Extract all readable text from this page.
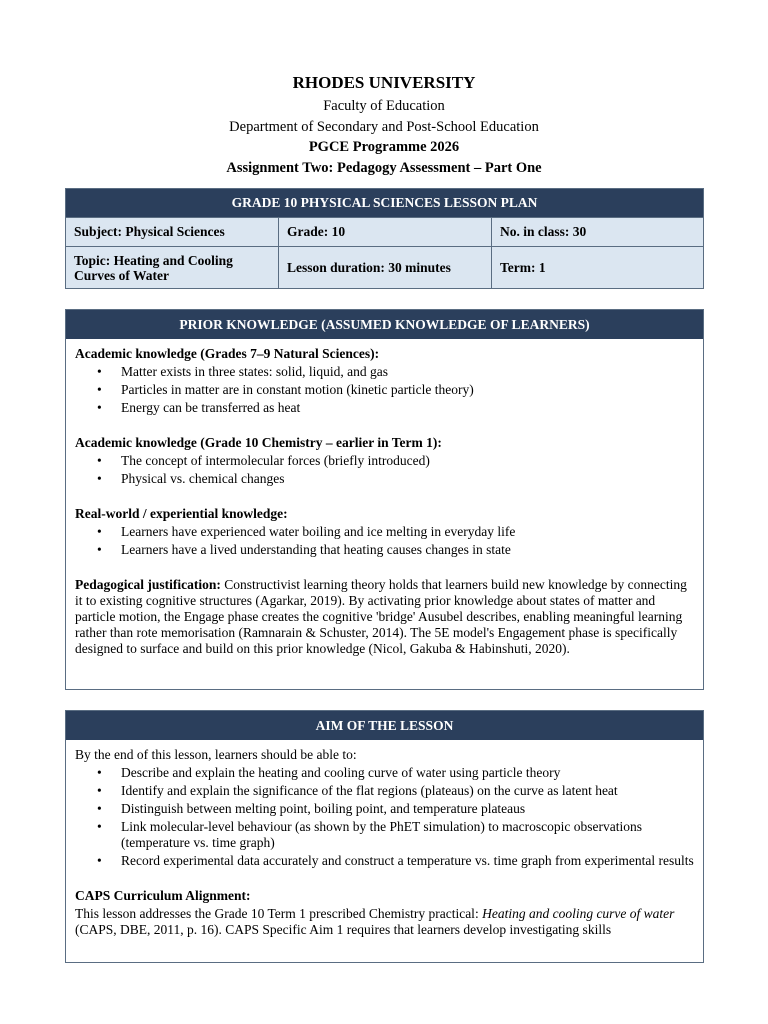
RHODES UNIVERSITY
Faculty of Education
Department of Secondary and Post-School Education
PGCE Programme 2026
Assignment Two: Pedagogy Assessment – Part One
GRADE 10 PHYSICAL SCIENCES LESSON PLAN		
Subject: Physical Sciences	Grade: 10	No. in class: 30
Topic: Heating and Cooling Curves of Water	Lesson duration: 30 minutes	Term: 1
PRIOR KNOWLEDGE (ASSUMED KNOWLEDGE OF LEARNERS)
Academic knowledge (Grades 7–9 Natural Sciences):
• Matter exists in three states: solid, liquid, and gas
• Particles in matter are in constant motion (kinetic particle theory)
• Energy can be transferred as heat
Academic knowledge (Grade 10 Chemistry – earlier in Term 1):
• The concept of intermolecular forces (briefly introduced)
• Physical vs. chemical changes
Real-world / experiential knowledge:
• Learners have experienced water boiling and ice melting in everyday life
• Learners have a lived understanding that heating causes changes in state

Pedagogical justification: Constructivist learning theory holds that learners build new knowledge by connecting it to existing cognitive structures (Agarkar, 2019). By activating prior knowledge about states of matter and particle motion, the Engage phase creates the cognitive 'bridge' Ausubel describes, enabling meaningful learning rather than rote memorisation (Ramnarain & Schuster, 2014). The 5E model's Engagement phase is specifically designed to surface and build on this prior knowledge (Nicol, Gakuba & Habinshuti, 2020).

AIM OF THE LESSON

By the end of this lesson, learners should be able to:

• Describe and explain the heating and cooling curve of water using particle theory
• Identify and explain the significance of the flat regions (plateaus) on the curve as latent heat
• Distinguish between melting point, boiling point, and temperature plateaus
• Link molecular-level behaviour (as shown by the PhET simulation) to macroscopic observations (temperature vs. time graph)
• Record experimental data accurately and construct a temperature vs. time graph from experimental results
CAPS Curriculum Alignment:

This lesson addresses the Grade 10 Term 1 prescribed Chemistry practical: Heating and cooling curve of water (CAPS, DBE, 2011, p. 16). CAPS Specific Aim 1 requires that learners develop investigating skills
